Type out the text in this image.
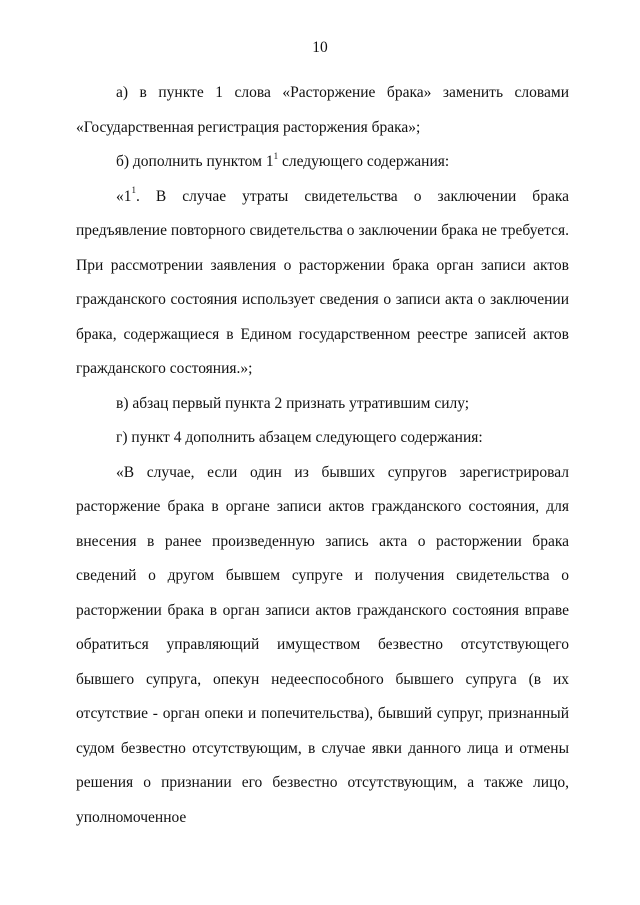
10

а) в пункте 1 слова «Расторжение брака» заменить словами «Государственная регистрация расторжения брака»;

б) дополнить пунктом $1^1$ следующего содержания:

«$1^1$. В случае утраты свидетельства о заключении брака предъявление повторного свидетельства о заключении брака не требуется. При рассмотрении заявления о расторжении брака орган записи актов гражданского состояния использует сведения о записи акта о заключении брака, содержащиеся в Едином государственном реестре записей актов гражданского состояния.»;

в) абзац первый пункта 2 признать утратившим силу;

г) пункт 4 дополнить абзацем следующего содержания:

«В случае, если один из бывших супругов зарегистрировал расторжение брака в органе записи актов гражданского состояния, для внесения в ранее произведенную запись акта о расторжении брака сведений о другом бывшем супруге и получения свидетельства о расторжении брака в орган записи актов гражданского состояния вправе обратиться управляющий имуществом безвестно отсутствующего бывшего супруга, опекун недееспособного бывшего супруга (в их отсутствие - орган опеки и попечительства), бывший супруг, признанный судом безвестно отсутствующим, в случае явки данного лица и отмены решения о признании его безвестно отсутствующим, а также лицо, уполномоченное
